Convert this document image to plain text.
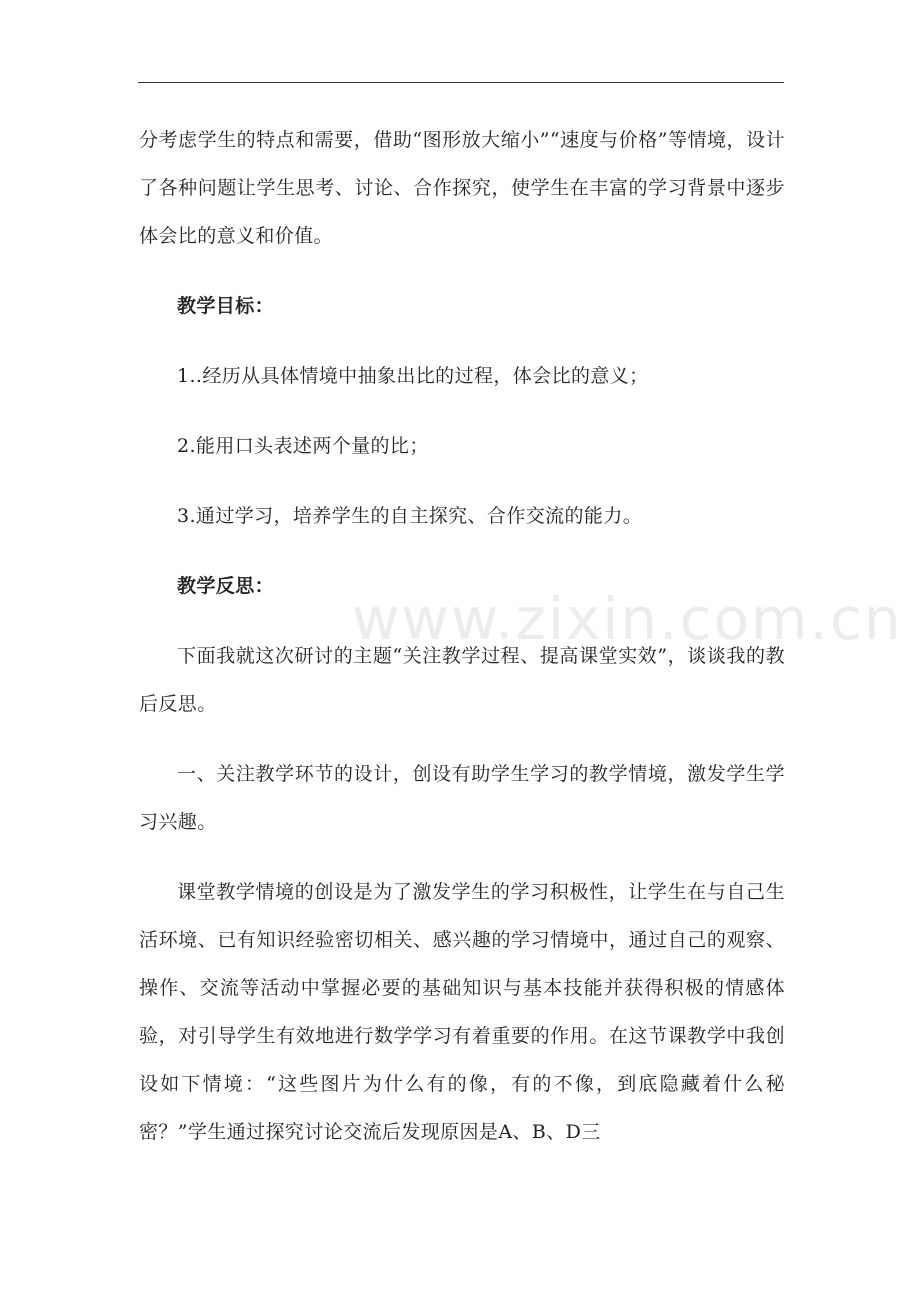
www.zixin.com.cn

分考虑学生的特点和需要，借助“图形放大缩小”“速度与价格”等情境，设计了各种问题让学生思考、讨论、合作探究，使学生在丰富的学习背景中逐步体会比的意义和价值。

教学目标：

1..经历从具体情境中抽象出比的过程，体会比的意义；

2.能用口头表述两个量的比；

3.通过学习，培养学生的自主探究、合作交流的能力。

教学反思：

下面我就这次研讨的主题“关注教学过程、提高课堂实效”，谈谈我的教后反思。

一、关注教学环节的设计，创设有助学生学习的教学情境，激发学生学习兴趣。

课堂教学情境的创设是为了激发学生的学习积极性，让学生在与自己生活环境、已有知识经验密切相关、感兴趣的学习情境中，通过自己的观察、操作、交流等活动中掌握必要的基础知识与基本技能并获得积极的情感体验，对引导学生有效地进行数学学习有着重要的作用。在这节课教学中我创设如下情境：“这些图片为什么有的像，有的不像，到底隐藏着什么秘密？”学生通过探究讨论交流后发现原因是A、B、D三
